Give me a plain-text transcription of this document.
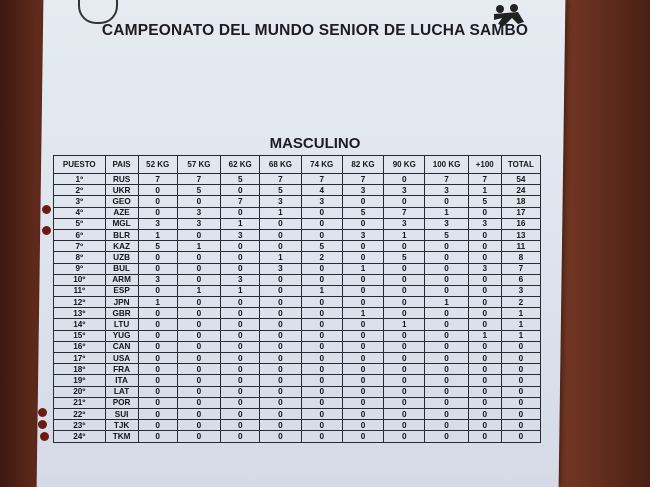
CAMPEONATO DEL MUNDO SENIOR DE LUCHA SAMBO
MASCULINO
PUESTO	PAIS	52 KG	57 KG	62 KG	68 KG	74 KG	82 KG	90 KG	100 KG	+100	TOTAL
1º	RUS	7	7	5	7	7	7	0	7	7	54
2º	UKR	0	5	0	5	4	3	3	3	1	24
3º	GEO	0	0	7	3	3	0	0	0	5	18
4º	AZE	0	3	0	1	0	5	7	1	0	17
5º	MGL	3	3	1	0	0	0	3	3	3	16
6º	BLR	1	0	3	0	0	3	1	5	0	13
7º	KAZ	5	1	0	0	5	0	0	0	0	11
8º	UZB	0	0	0	1	2	0	5	0	0	8
9º	BUL	0	0	0	3	0	1	0	0	3	7
10º	ARM	3	0	3	0	0	0	0	0	0	6
11º	ESP	0	1	1	0	1	0	0	0	0	3
12º	JPN	1	0	0	0	0	0	0	1	0	2
13º	GBR	0	0	0	0	0	1	0	0	0	1
14º	LTU	0	0	0	0	0	0	1	0	0	1
15º	YUG	0	0	0	0	0	0	0	0	1	1
16º	CAN	0	0	0	0	0	0	0	0	0	0
17º	USA	0	0	0	0	0	0	0	0	0	0
18º	FRA	0	0	0	0	0	0	0	0	0	0
19º	ITA	0	0	0	0	0	0	0	0	0	0
20º	LAT	0	0	0	0	0	0	0	0	0	0
21º	POR	0	0	0	0	0	0	0	0	0	0
22º	SUI	0	0	0	0	0	0	0	0	0	0
23º	TJK	0	0	0	0	0	0	0	0	0	0
24º	TKM	0	0	0	0	0	0	0	0	0	0
